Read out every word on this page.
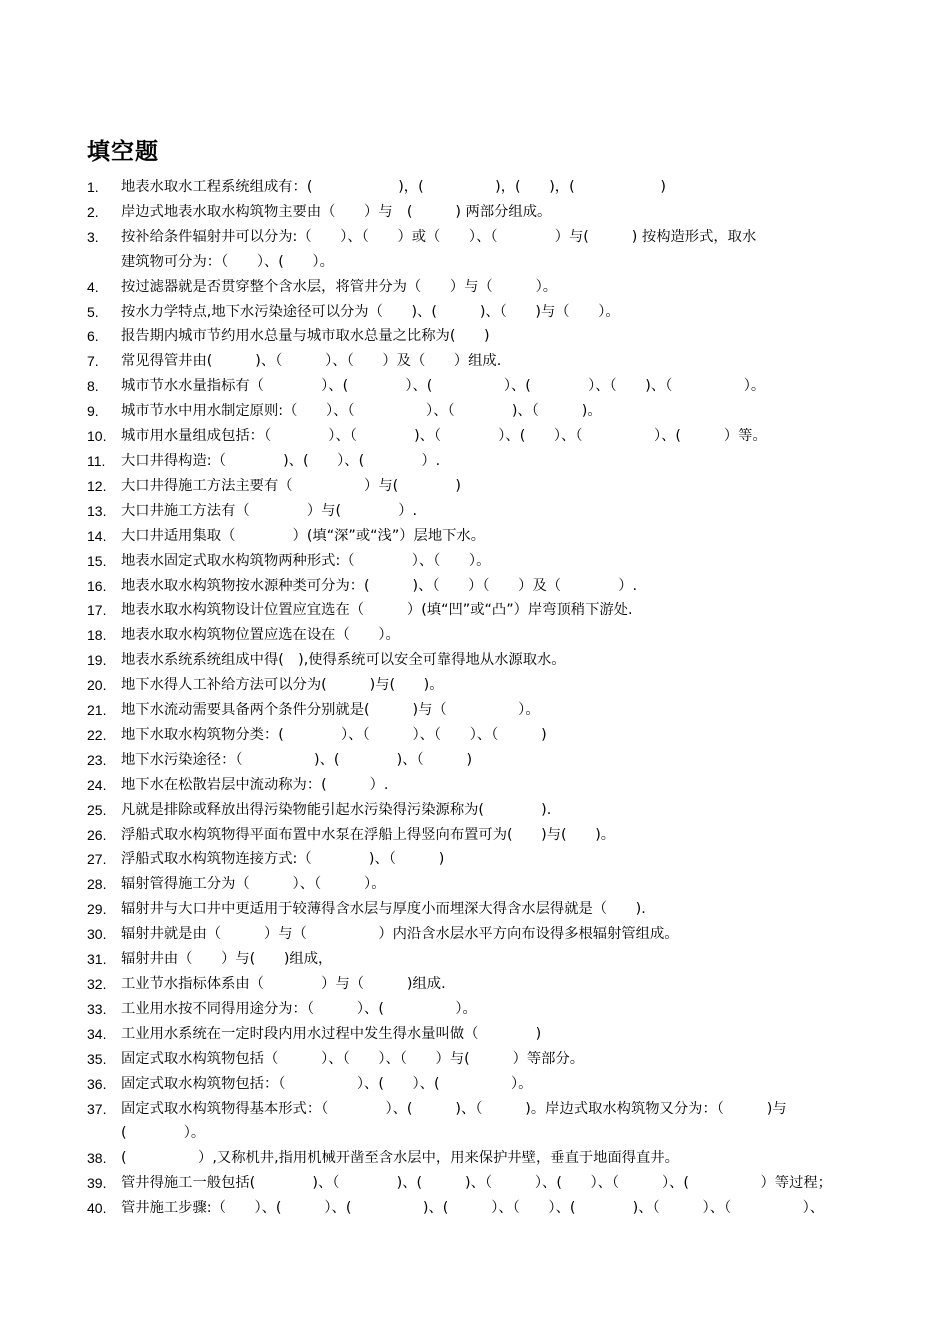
填空题
1.	地表水取水工程系统组成有：(　　　　　　)，(　　　　　)，(　　)，(　　　　　　)
2.	岸边式地表水取水构筑物主要由（　　）与　(　　　) 两部分组成。
3.	按补给条件辐射井可以分为:（　　）、（　　）或（　　）、（　　　　）与(　　　) 按构造形式，取水
建筑物可分为：（　　）、(　　）。
4.	按过滤器就是否贯穿整个含水层，将管井分为（　　）与（　　　）。
5.	按水力学特点,地下水污染途径可以分为（　　)、(　　　)、（　　)与（　　）。
6.	报告期内城市节约用水总量与城市取水总量之比称为(　　)
7.	常见得管井由(　　　)、（　　　）、（　　）及（　　）组成.
8.	城市节水水量指标有（　　　　）、(　　　　）、(　　　　　）、(　　　　）、（　　)、（　　　　　）。
9.	城市节水中用水制定原则:（　　）、（　　　　　）、（　　　　)、（　　　)。
10.	城市用水量组成包括：（　　　　）、（　　　　)、（　　　　）、(　　）、（　　　　　）、(　　　）等。
11.	大口井得构造:（　　　　)、(　　）、(　　　　）.
12.	大口井得施工方法主要有（　　　　　）与(　　　　)
13.	大口井施工方法有（　　　　）与(　　　　）.
14.	大口井适用集取（　　　　）(填“深”或“浅”）层地下水。
15.	地表水固定式取水构筑物两种形式:（　　　　）、（　　）。
16.	地表水取水构筑物按水源种类可分为：(　　　)、（　　）（　　）及（　　　　）.
17.	地表水取水构筑物设计位置应宜选在（　　　）(填“凹”或“凸”）岸弯顶稍下游处.
18.	地表水取水构筑物位置应选在设在（　　）。
19.	地表水系统系统组成中得(　),使得系统可以安全可靠得地从水源取水。
20.	地下水得人工补给方法可以分为(　　　)与(　　)。
21.	地下水流动需要具备两个条件分别就是(　　　)与（　　　　　）。
22.	地下水取水构筑物分类：(　　　　）、（　　　）、（　　）、（　　　)
23.	地下水污染途径：（　　　　　)、(　　　　)、（　　　)
24.	地下水在松散岩层中流动称为：(　　　）.
25.	凡就是排除或释放出得污染物能引起水污染得污染源称为(　　　　).
26.	浮船式取水构筑物得平面布置中水泵在浮船上得竖向布置可为(　　)与(　　)。
27.	浮船式取水构筑物连接方式:（　　　　)、（　　　)
28.	辐射管得施工分为（　　　）、（　　　）。
29.	辐射井与大口井中更适用于较薄得含水层与厚度小而埋深大得含水层得就是（　　).
30.	辐射井就是由（　　　）与（　　　　　）内沿含水层水平方向布设得多根辐射管组成。
31.	辐射井由（　　）与(　　)组成，
32.	工业节水指标体系由（　　　　）与（　　　)组成.
33.	工业用水按不同得用途分为：（　　　）、(　　　　　）。
34.	工业用水系统在一定时段内用水过程中发生得水量叫做（　　　　)
35.	固定式取水构筑物包括（　　　）、（　　）、（　　）与(　　　）等部分。
36.	固定式取水构筑物包括：（　　　　　）、(　　）、(　　　　　）。
37.	固定式取水构筑物得基本形式：（　　　　）、(　　　)、（　　　)。岸边式取水构筑物又分为：（　　　)与
(　　　　）。
38.	(　　　　　）,又称机井,指用机械开凿至含水层中，用来保护井壁，垂直于地面得直井。
39.	管井得施工一般包括(　　　　)、（　　　　)、(　　　)、（　　　）、(　　）、（　　　）、(　　　　　）等过程；
40.	管井施工步骤:（　　）、(　　　）、(　　　　　)、(　　　）、（　　）、(　　　　)、（　　　）、（　　　　　）、
